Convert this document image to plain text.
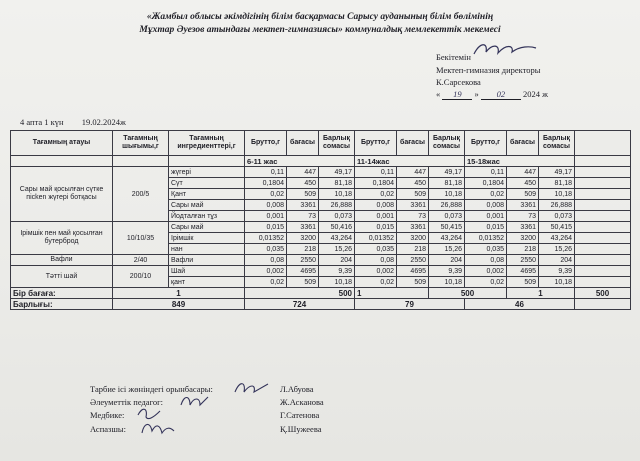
«Жамбыл облысы әкімдігінің білім басқармасы Сарысу ауданының білім бөлімінің
Мұхтар Әуезов атындағы мектеп-гимназиясы» коммуналдық мемлекеттік мекемесі
Бекітемін
Мектеп-гимназия директоры
К.Сарсекова
« 19 » 02 2024 ж
4 апта 1 күн 19.02.2024ж
Тағамның атауы	Тағамның шығымы,г	Тағамның ингредиенттері,г	Брутто,г	бағасы	Барлық сомасы	Брутто,г	бағасы	Барлық сомасы	Брутто,г	бағасы	Барлық сомасы	
			6-11 жас			11-14жас			15-18жас			
Сары май қосылған сүтке пісken жүгері ботқасы	200/5	жүгері	0,11	447	49,17	0,11	447	49,17	0,11	447	49,17	
		Сүт	0,1804	450	81,18	0,1804	450	81,18	0,1804	450	81,18	
		Қант	0,02	509	10,18	0,02	509	10,18	0,02	509	10,18	
		Сары май	0,008	3361	26,888	0,008	3361	26,888	0,008	3361	26,888	
		Йодталған тұз	0,001	73	0,073	0,001	73	0,073	0,001	73	0,073	
Ірімшік пен май қосылған бутерброд	10/10/35	Сары май	0,015	3361	50,416	0,015	3361	50,415	0,015	3361	50,415	
		Ірімшік	0,01352	3200	43,264	0,01352	3200	43,264	0,01352	3200	43,264	
		нан	0,035	218	15,26	0,035	218	15,26	0,035	218	15,26	
Вафли	2/40	Вафли	0,08	2550	204	0,08	2550	204	0,08	2550	204	
Тәтті шай	200/10	Шай	0,002	4695	9,39	0,002	4695	9,39	0,002	4695	9,39	
		қант	0,02	509	10,18	0,02	509	10,18	0,02	509	10,18	
Бір бағаға:	1		500			1		500		1		500
Барлығы:	849		724			79			46			
Тарбие ісі жөніндегі орынбасары:	Л.Абуова
Әлеуметтік педагог:	Ж.Асканова
Медбике:	Г.Сатенова
Аспазшы:	Қ.Шужеева
